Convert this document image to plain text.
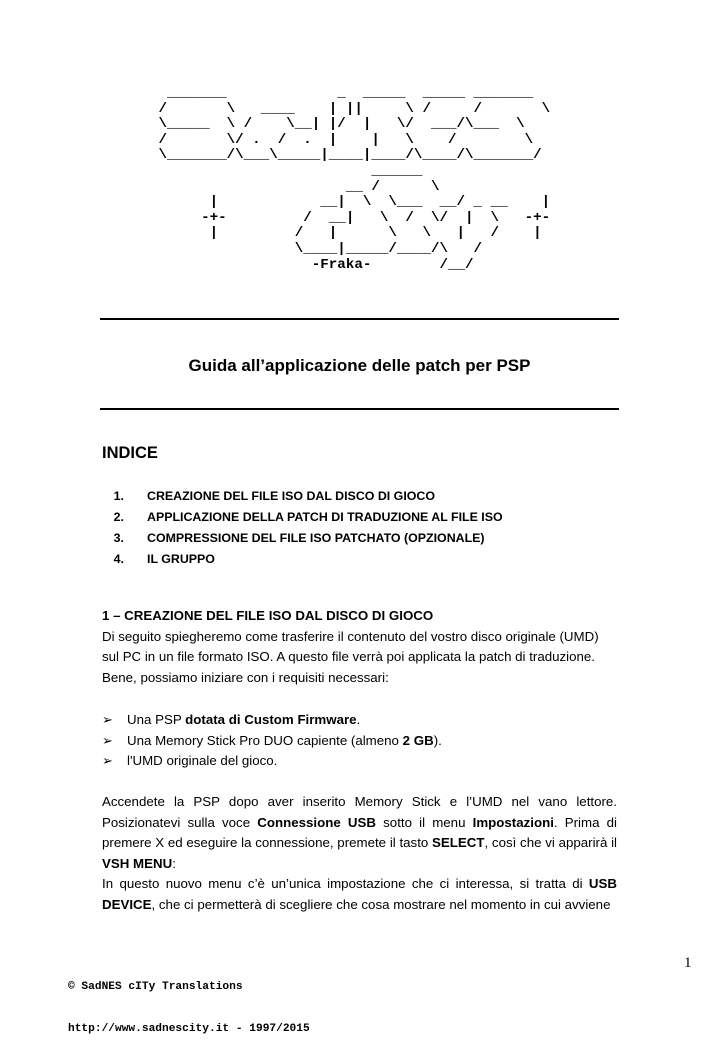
_______             _  _____  _____ _______
/       \   ____    | ||     \ /     /       \
\_____  \ /    \__| |/  |   \/  ___/\___  \
/       \/ .  /  .  |    |   \    /        \
\_______/\___\_____|____|____/\____/\_______/
______
__ /      \
|            __|  \  \___  __/ _ __    |
-+-         /  __|   \  /  \/  |  \   -+-
|         /   |      \   \   |   /    |
\____|_____/____/\   /
-Fraka-        /__/
Guida all’applicazione delle patch per PSP
INDICE
1. CREAZIONE DEL FILE ISO DAL DISCO DI GIOCO
2. APPLICAZIONE DELLA PATCH DI TRADUZIONE AL FILE ISO
3. COMPRESSIONE DEL FILE ISO PATCHATO (OPZIONALE)
4. IL GRUPPO

1 – CREAZIONE DEL FILE ISO DAL DISCO DI GIOCO

Di seguito spiegheremo come trasferire il contenuto del vostro disco originale (UMD) sul PC in un file formato ISO. A questo file verrà poi applicata la patch di traduzione. Bene, possiamo iniziare con i requisiti necessari:

➢ Una PSP dotata di Custom Firmware.
➢ Una Memory Stick Pro DUO capiente (almeno 2 GB).
➢ l'UMD originale del gioco.

Accendete la PSP dopo aver inserito Memory Stick e l’UMD nel vano lettore. Posizionatevi sulla voce Connessione USB sotto il menu Impostazioni. Prima di premere X ed eseguire la connessione, premete il tasto SELECT, così che vi apparirà il VSH MENU:

In questo nuovo menu c’è un’unica impostazione che ci interessa, si tratta di USB DEVICE, che ci permetterà di scegliere che cosa mostrare nel momento in cui avviene

© SadNES cITy Translations

http://www.sadnescity.it - 1997/2015

1
